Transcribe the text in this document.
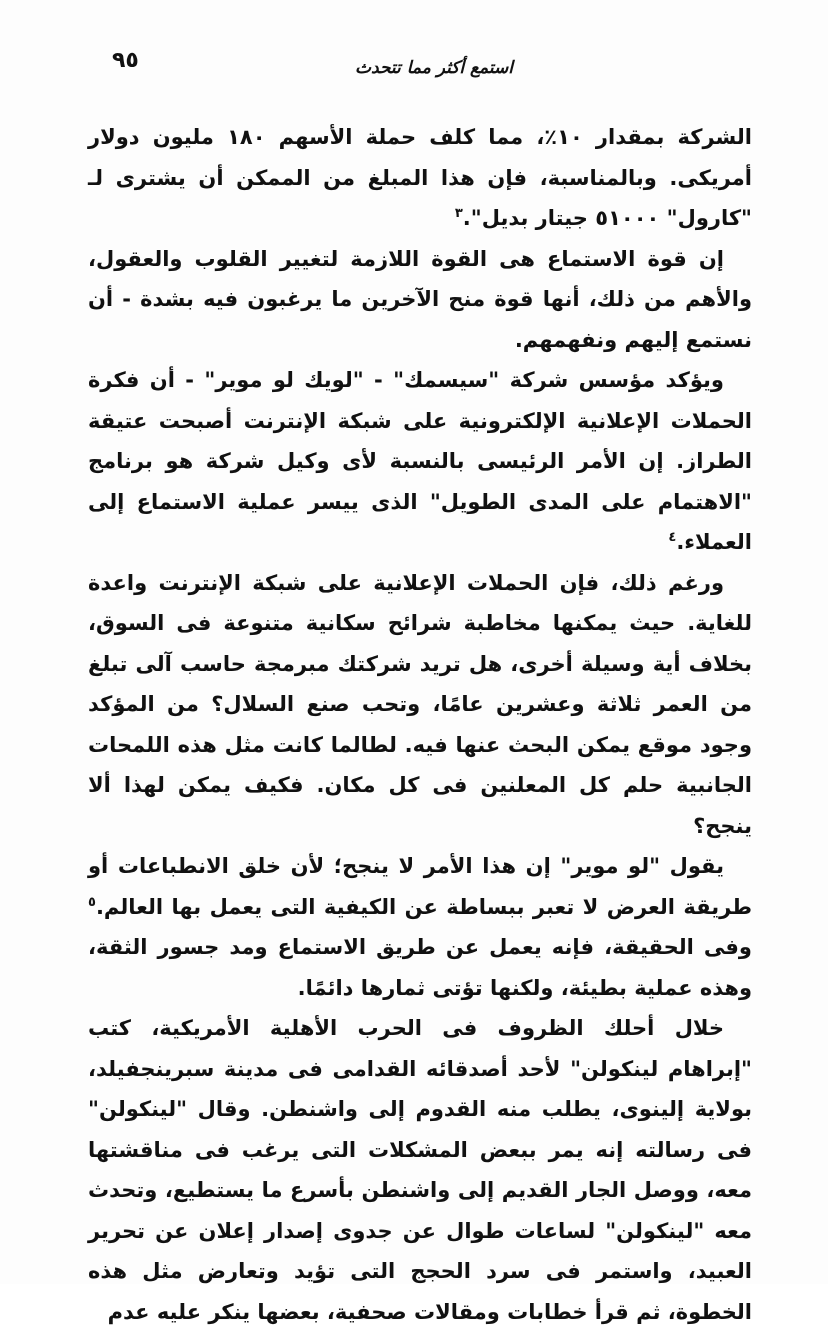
٩٥	استمع أكثر مما تتحدث

الشركة بمقدار ١٠٪، مما كلف حملة الأسهم ١٨٠ مليون دولار أمريكى. وبالمناسبة، فإن هذا المبلغ من الممكن أن يشترى لـ "كارول" ٥١٠٠٠ جيتار بديل".$^٣$

إن قوة الاستماع هى القوة اللازمة لتغيير القلوب والعقول، والأهم من ذلك، أنها قوة منح الآخرين ما يرغبون فيه بشدة - أن نستمع إليهم ونفهمهم.

ويؤكد مؤسس شركة "سيسمك" - "لويك لو موير" - أن فكرة الحملات الإعلانية الإلكترونية على شبكة الإنترنت أصبحت عتيقة الطراز. إن الأمر الرئيسى بالنسبة لأى وكيل شركة هو برنامج "الاهتمام على المدى الطويل" الذى ييسر عملية الاستماع إلى العملاء.$^٤$

ورغم ذلك، فإن الحملات الإعلانية على شبكة الإنترنت واعدة للغاية. حيث يمكنها مخاطبة شرائح سكانية متنوعة فى السوق، بخلاف أية وسيلة أخرى، هل تريد شركتك مبرمجة حاسب آلى تبلغ من العمر ثلاثة وعشرين عامًا، وتحب صنع السلال؟ من المؤكد وجود موقع يمكن البحث عنها فيه. لطالما كانت مثل هذه اللمحات الجانبية حلم كل المعلنين فى كل مكان. فكيف يمكن لهذا ألا ينجح؟

يقول "لو موير" إن هذا الأمر لا ينجح؛ لأن خلق الانطباعات أو طريقة العرض لا تعبر ببساطة عن الكيفية التى يعمل بها العالم.$^٥$ وفى الحقيقة، فإنه يعمل عن طريق الاستماع ومد جسور الثقة، وهذه عملية بطيئة، ولكنها تؤتى ثمارها دائمًا.

خلال أحلك الظروف فى الحرب الأهلية الأمريكية، كتب "إبراهام لينكولن" لأحد أصدقائه القدامى فى مدينة سبرينجفيلد، بولاية إلينوى، يطلب منه القدوم إلى واشنطن. وقال "لينكولن" فى رسالته إنه يمر ببعض المشكلات التى يرغب فى مناقشتها معه، ووصل الجار القديم إلى واشنطن بأسرع ما يستطيع، وتحدث معه "لينكولن" لساعات طوال عن جدوى إصدار إعلان عن تحرير العبيد، واستمر فى سرد الحجج التى تؤيد وتعارض مثل هذه الخطوة، ثم قرأ خطابات ومقالات صحفية، بعضها ينكر عليه عدم
